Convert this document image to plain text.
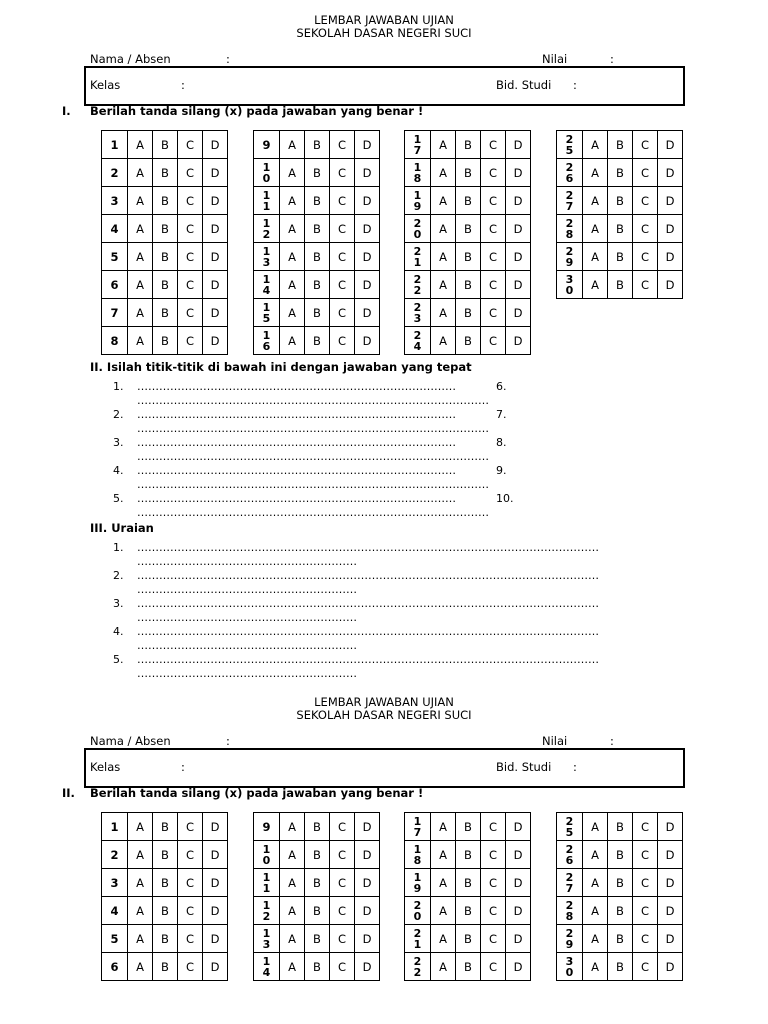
LEMBAR JAWABAN UJIAN
SEKOLAH DASAR NEGERI SUCI
Nama / Absen	:	Nilai	:
Kelas	:	Bid. Studi :
I. Berilah tanda silang (x) pada jawaban yang benar !
1	A	B	C	D
2	A	B	C	D
3	A	B	C	D
4	A	B	C	D
5	A	B	C	D
6	A	B	C	D
7	A	B	C	D
8	A	B	C	D
9	A	B	C	D

1
0	A	B	C	D

1
1	A	B	C	D

1
2	A	B	C	D

1
3	A	B	C	D

1
4	A	B	C	D

1
5	A	B	C	D

1
6	A	B	C	D
1
7	A	B	C	D

1
8	A	B	C	D

1
9	A	B	C	D

2
0	A	B	C	D

2
1	A	B	C	D

2
2	A	B	C	D

2
3	A	B	C	D

2
4	A	B	C	D
2
5	A	B	C	D

2
6	A	B	C	D

2
7	A	B	C	D

2
8	A	B	C	D

2
9	A	B	C	D

3
0	A	B	C	D
II. Isilah titik-titik di bawah ini dengan jawaban yang tepat
1. ……………………………………………………………………………	6.
……………………………………………………………………………………
2. ……………………………………………………………………………	7.
……………………………………………………………………………………
3. ……………………………………………………………………………	8.
……………………………………………………………………………………
4. ……………………………………………………………………………	9.
……………………………………………………………………………………
5. ……………………………………………………………………………	10.
……………………………………………………………………………………
III. Uraian
1. ………………………………………………………………………………………………………………
……………………………………………………
2. ………………………………………………………………………………………………………………
……………………………………………………
3. ………………………………………………………………………………………………………………
……………………………………………………
4. ………………………………………………………………………………………………………………
……………………………………………………
5. ………………………………………………………………………………………………………………
……………………………………………………
LEMBAR JAWABAN UJIAN
SEKOLAH DASAR NEGERI SUCI
Nama / Absen	:	Nilai	:
Kelas	:	Bid. Studi :
II. Berilah tanda silang (x) pada jawaban yang benar !
1	A	B	C	D
2	A	B	C	D
3	A	B	C	D
4	A	B	C	D
5	A	B	C	D
6	A	B	C	D
9	A	B	C	D

1
0	A	B	C	D

1
1	A	B	C	D

1
2	A	B	C	D

1
3	A	B	C	D

1
4	A	B	C	D
1
7	A	B	C	D

1
8	A	B	C	D

1
9	A	B	C	D

2
0	A	B	C	D

2
1	A	B	C	D

2
2	A	B	C	D
2
5	A	B	C	D

2
6	A	B	C	D

2
7	A	B	C	D

2
8	A	B	C	D

2
9	A	B	C	D

3
0	A	B	C	D
